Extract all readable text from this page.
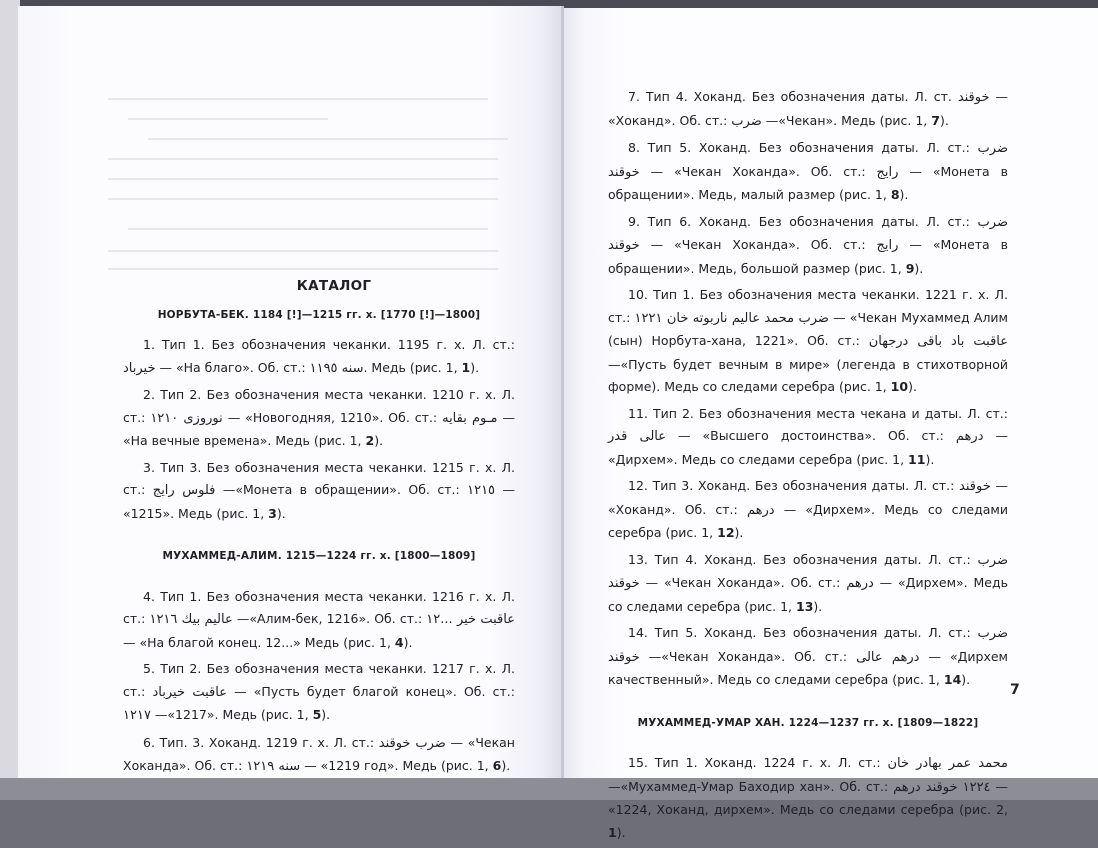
КАТАЛОГ
НОРБУТА-БЕК. 1184 [!]—1215 гг. х. [1770 [!]—1800]

1. Тип 1. Без обозначения чеканки. 1195 г. х. Л. ст.: خيرباد — «На благо». Об. ст.: سنه ١١٩٥. Медь (рис. 1, 1).

2. Тип 2. Без обозначения места чеканки. 1210 г. х. Л. ст.: نوروزى ١٢١٠ — «Новогодняя, 1210». Об. ст.: مـوم بقايه — «На вечные времена». Медь (рис. 1, 2).

3. Тип 3. Без обозначения места чеканки. 1215 г. х. Л. ст.: فلوس رايج —«Монета в обращении». Об. ст.: ١٢١٥ — «1215». Медь (рис. 1, 3).

МУХАММЕД-АЛИМ. 1215—1224 гг. х. [1800—1809]

4. Тип 1. Без обозначения места чеканки. 1216 г. х. Л. ст.: عاليم بيك ١٢١٦ —«Алим-бек, 1216». Об. ст.: عاقبت خير ...١٢ — «На благой конец. 12...» Медь (рис. 1, 4).

5. Тип 2. Без обозначения места чеканки. 1217 г. х. Л. ст.: عاقبت خيرباد — «Пусть будет благой конец». Об. ст.: ١٢١٧ —«1217». Медь (рис. 1, 5).

6. Тип. 3. Хоканд. 1219 г. х. Л. ст.: ضرب خوقند — «Чекан Хоканда». Об. ст.: سنه ١٢١٩ — «1219 год». Медь (рис. 1, 6).

7. Тип 4. Хоканд. Без обозначения даты. Л. ст. خوقند — «Хоканд». Об. ст.: ضرب —«Чекан». Медь (рис. 1, 7).

8. Тип 5. Хоканд. Без обозначения даты. Л. ст.: ضرب خوقند — «Чекан Хоканда». Об. ст.: رايج — «Монета в обращении». Медь, малый размер (рис. 1, 8).

9. Тип 6. Хоканд. Без обозначения даты. Л. ст.: ضرب خوقند — «Чекан Хоканда». Об. ст.: رايج — «Монета в обращении». Медь, большой размер (рис. 1, 9).

10. Тип 1. Без обозначения места чеканки. 1221 г. х. Л. ст.: ضرب محمد عاليم ناربوته خان ١٢٢١ — «Чекан Мухаммед Алим (сын) Норбута-хана, 1221». Об. ст.: عاقبت باد باقى درجهان —«Пусть будет вечным в мире» (легенда в стихотворной форме). Медь со следами серебра (рис. 1, 10).

11. Тип 2. Без обозначения места чекана и даты. Л. ст.: عالى قدر — «Высшего достоинства». Об. ст.: درهم — «Дирхем». Медь со следами серебра (рис. 1, 11).

12. Тип 3. Хоканд. Без обозначения даты. Л. ст.: خوقند — «Хоканд». Об. ст.: درهم — «Дирхем». Медь со следами серебра (рис. 1, 12).

13. Тип 4. Хоканд. Без обозначения даты. Л. ст.: ضرب خوقند — «Чекан Хоканда». Об. ст.: درهم — «Дирхем». Медь со следами серебра (рис. 1, 13).

14. Тип 5. Хоканд. Без обозначения даты. Л. ст.: ضرب خوقند —«Чекан Хоканда». Об. ст.: درهم عالى — «Дирхем качественный». Медь со следами серебра (рис. 1, 14).

МУХАММЕД-УМАР ХАН. 1224—1237 гг. х. [1809—1822]

15. Тип 1. Хоканд. 1224 г. х. Л. ст.: محمد عمر بهادر خان —«Мухаммед-Умар Баходир хан». Об. ст.: ١٢٢٤ خوقند درهم — «1224, Хоканд, дирхем». Медь со следами серебра (рис. 2, 1).

7
